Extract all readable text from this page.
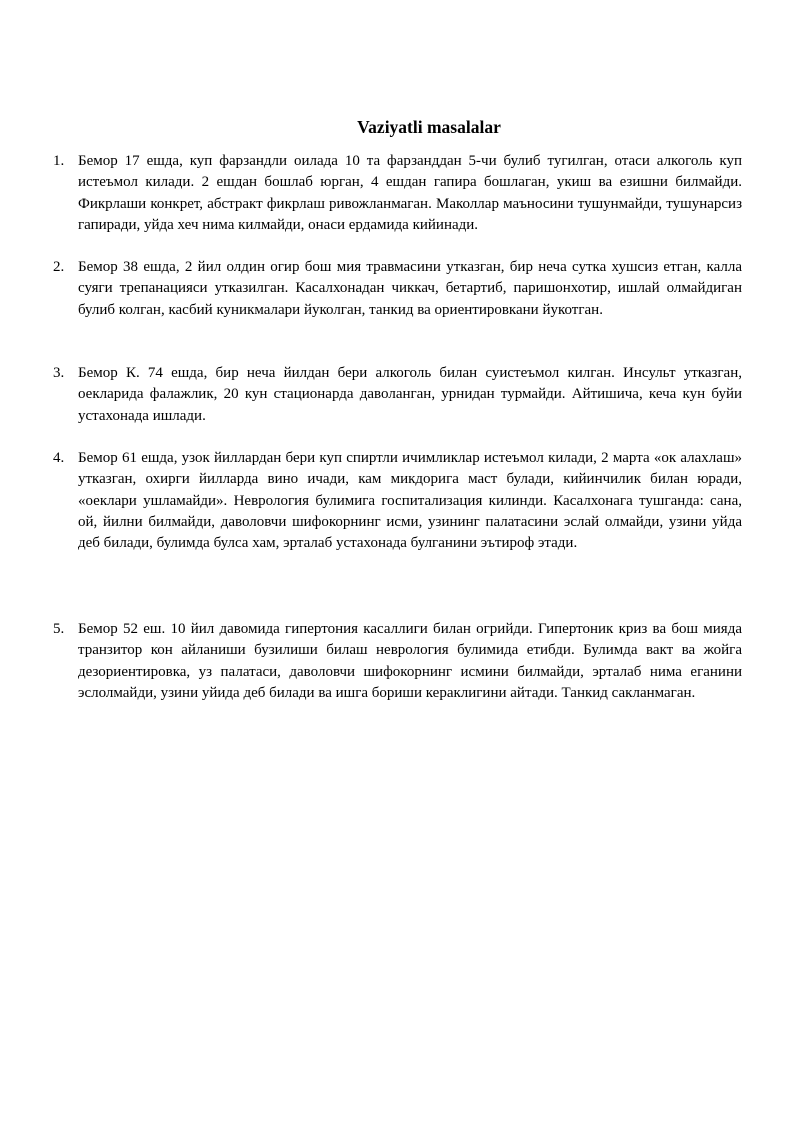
Vaziyatli masalalar
1. Бемор 17 ешда, куп фарзандли оилада 10 та фарзанддан 5-чи булиб тугилган, отаси алкоголь куп истеъмол килади. 2 ешдан бошлаб юрган, 4 ешдан гапира бошлаган, укиш ва езишни билмайди. Фикрлаши конкрет, абстракт фикрлаш ривожланмаган. Маколлар маъносини тушунмайди, тушунарсиз гапиради, уйда хеч нима килмайди, онаси ердамида кийинади.
2. Бемор 38 ешда, 2 йил олдин огир бош мия травмасини утказган, бир неча сутка хушсиз етган, калла суяги трепанацияси утказилган. Касалхонадан чиккач, бетартиб, паришонхотир, ишлай олмайдиган булиб колган, касбий куникмалари йуколган, танкид ва ориентировкани йукотган.
3. Бемор К. 74 ешда, бир неча йилдан бери алкоголь билан суистеъмол килган. Инсульт утказган, оекларида фалажлик, 20 кун стационарда даволанган, урнидан турмайди. Айтишича, кеча кун буйи устахонада ишлади.
4. Бемор 61 ешда, узок йиллардан бери куп спиртли ичимликлар истеъмол килади, 2 марта «ок алахлаш» утказган, охирги йилларда вино ичади, кам микдорига маст булади, кийинчилик билан юради, «оеклари ушламайди». Неврология булимига госпитализация килинди. Касалхонага тушганда: сана, ой, йилни билмайди, даволовчи шифокорнинг исми, узининг палатасини эслай олмайди, узини уйда деб билади, булимда булса хам, эрталаб устахонада булганини эътироф этади.
5. Бемор 52 еш. 10 йил давомида гипертония касаллиги билан огрийди. Гипертоник криз ва бош мияда транзитор кон айланиши бузилиши билаш неврология булимида етибди. Булимда вакт ва жойга дезориентировка, уз палатаси, даволовчи шифокорнинг исмини билмайди, эрталаб нима еганини эслолмайди, узини уйида деб билади ва ишга бориши кераклигини айтади. Танкид сакланмаган.
